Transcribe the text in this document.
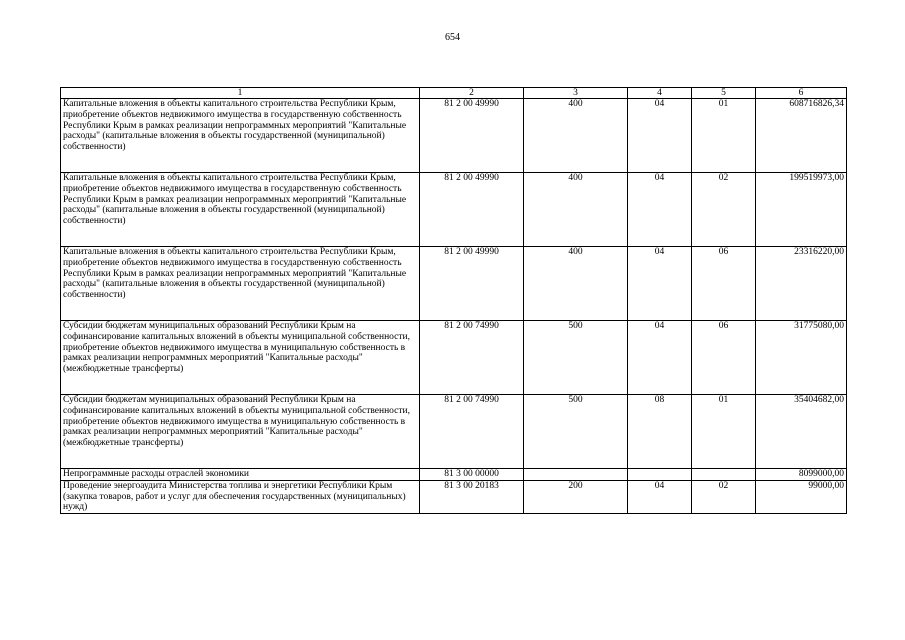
654
1	2	3	4	5	6
Капитальные вложения в объекты капитального строительства Республики Крым, приобретение объектов недвижимого имущества в государственную собственность Республики Крым в рамках реализации непрограммных мероприятий "Капитальные расходы" (капитальные вложения в объекты государственной (муниципальной) собственности)	81 2 00 49990	400	04	01	608716826,34
Капитальные вложения в объекты капитального строительства Республики Крым, приобретение объектов недвижимого имущества в государственную собственность Республики Крым в рамках реализации непрограммных мероприятий "Капитальные расходы" (капитальные вложения в объекты государственной (муниципальной) собственности)	81 2 00 49990	400	04	02	199519973,00
Капитальные вложения в объекты капитального строительства Республики Крым, приобретение объектов недвижимого имущества в государственную собственность Республики Крым в рамках реализации непрограммных мероприятий "Капитальные расходы" (капитальные вложения в объекты государственной (муниципальной) собственности)	81 2 00 49990	400	04	06	23316220,00
Субсидии бюджетам муниципальных образований Республики Крым на софинансирование капитальных вложений в объекты муниципальной собственности, приобретение объектов недвижимого имущества в муниципальную собственность в рамках реализации непрограммных мероприятий "Капитальные расходы" (межбюджетные трансферты)	81 2 00 74990	500	04	06	31775080,00
Субсидии бюджетам муниципальных образований Республики Крым на софинансирование капитальных вложений в объекты муниципальной собственности, приобретение объектов недвижимого имущества в муниципальную собственность в рамках реализации непрограммных мероприятий "Капитальные расходы" (межбюджетные трансферты)	81 2 00 74990	500	08	01	35404682,00
Непрограммные расходы отраслей экономики	81 3 00 00000				8099000,00
Проведение энергоаудита Министерства топлива и энергетики Республики Крым (закупка товаров, работ и услуг для обеспечения государственных (муниципальных) нужд)	81 3 00 20183	200	04	02	99000,00
